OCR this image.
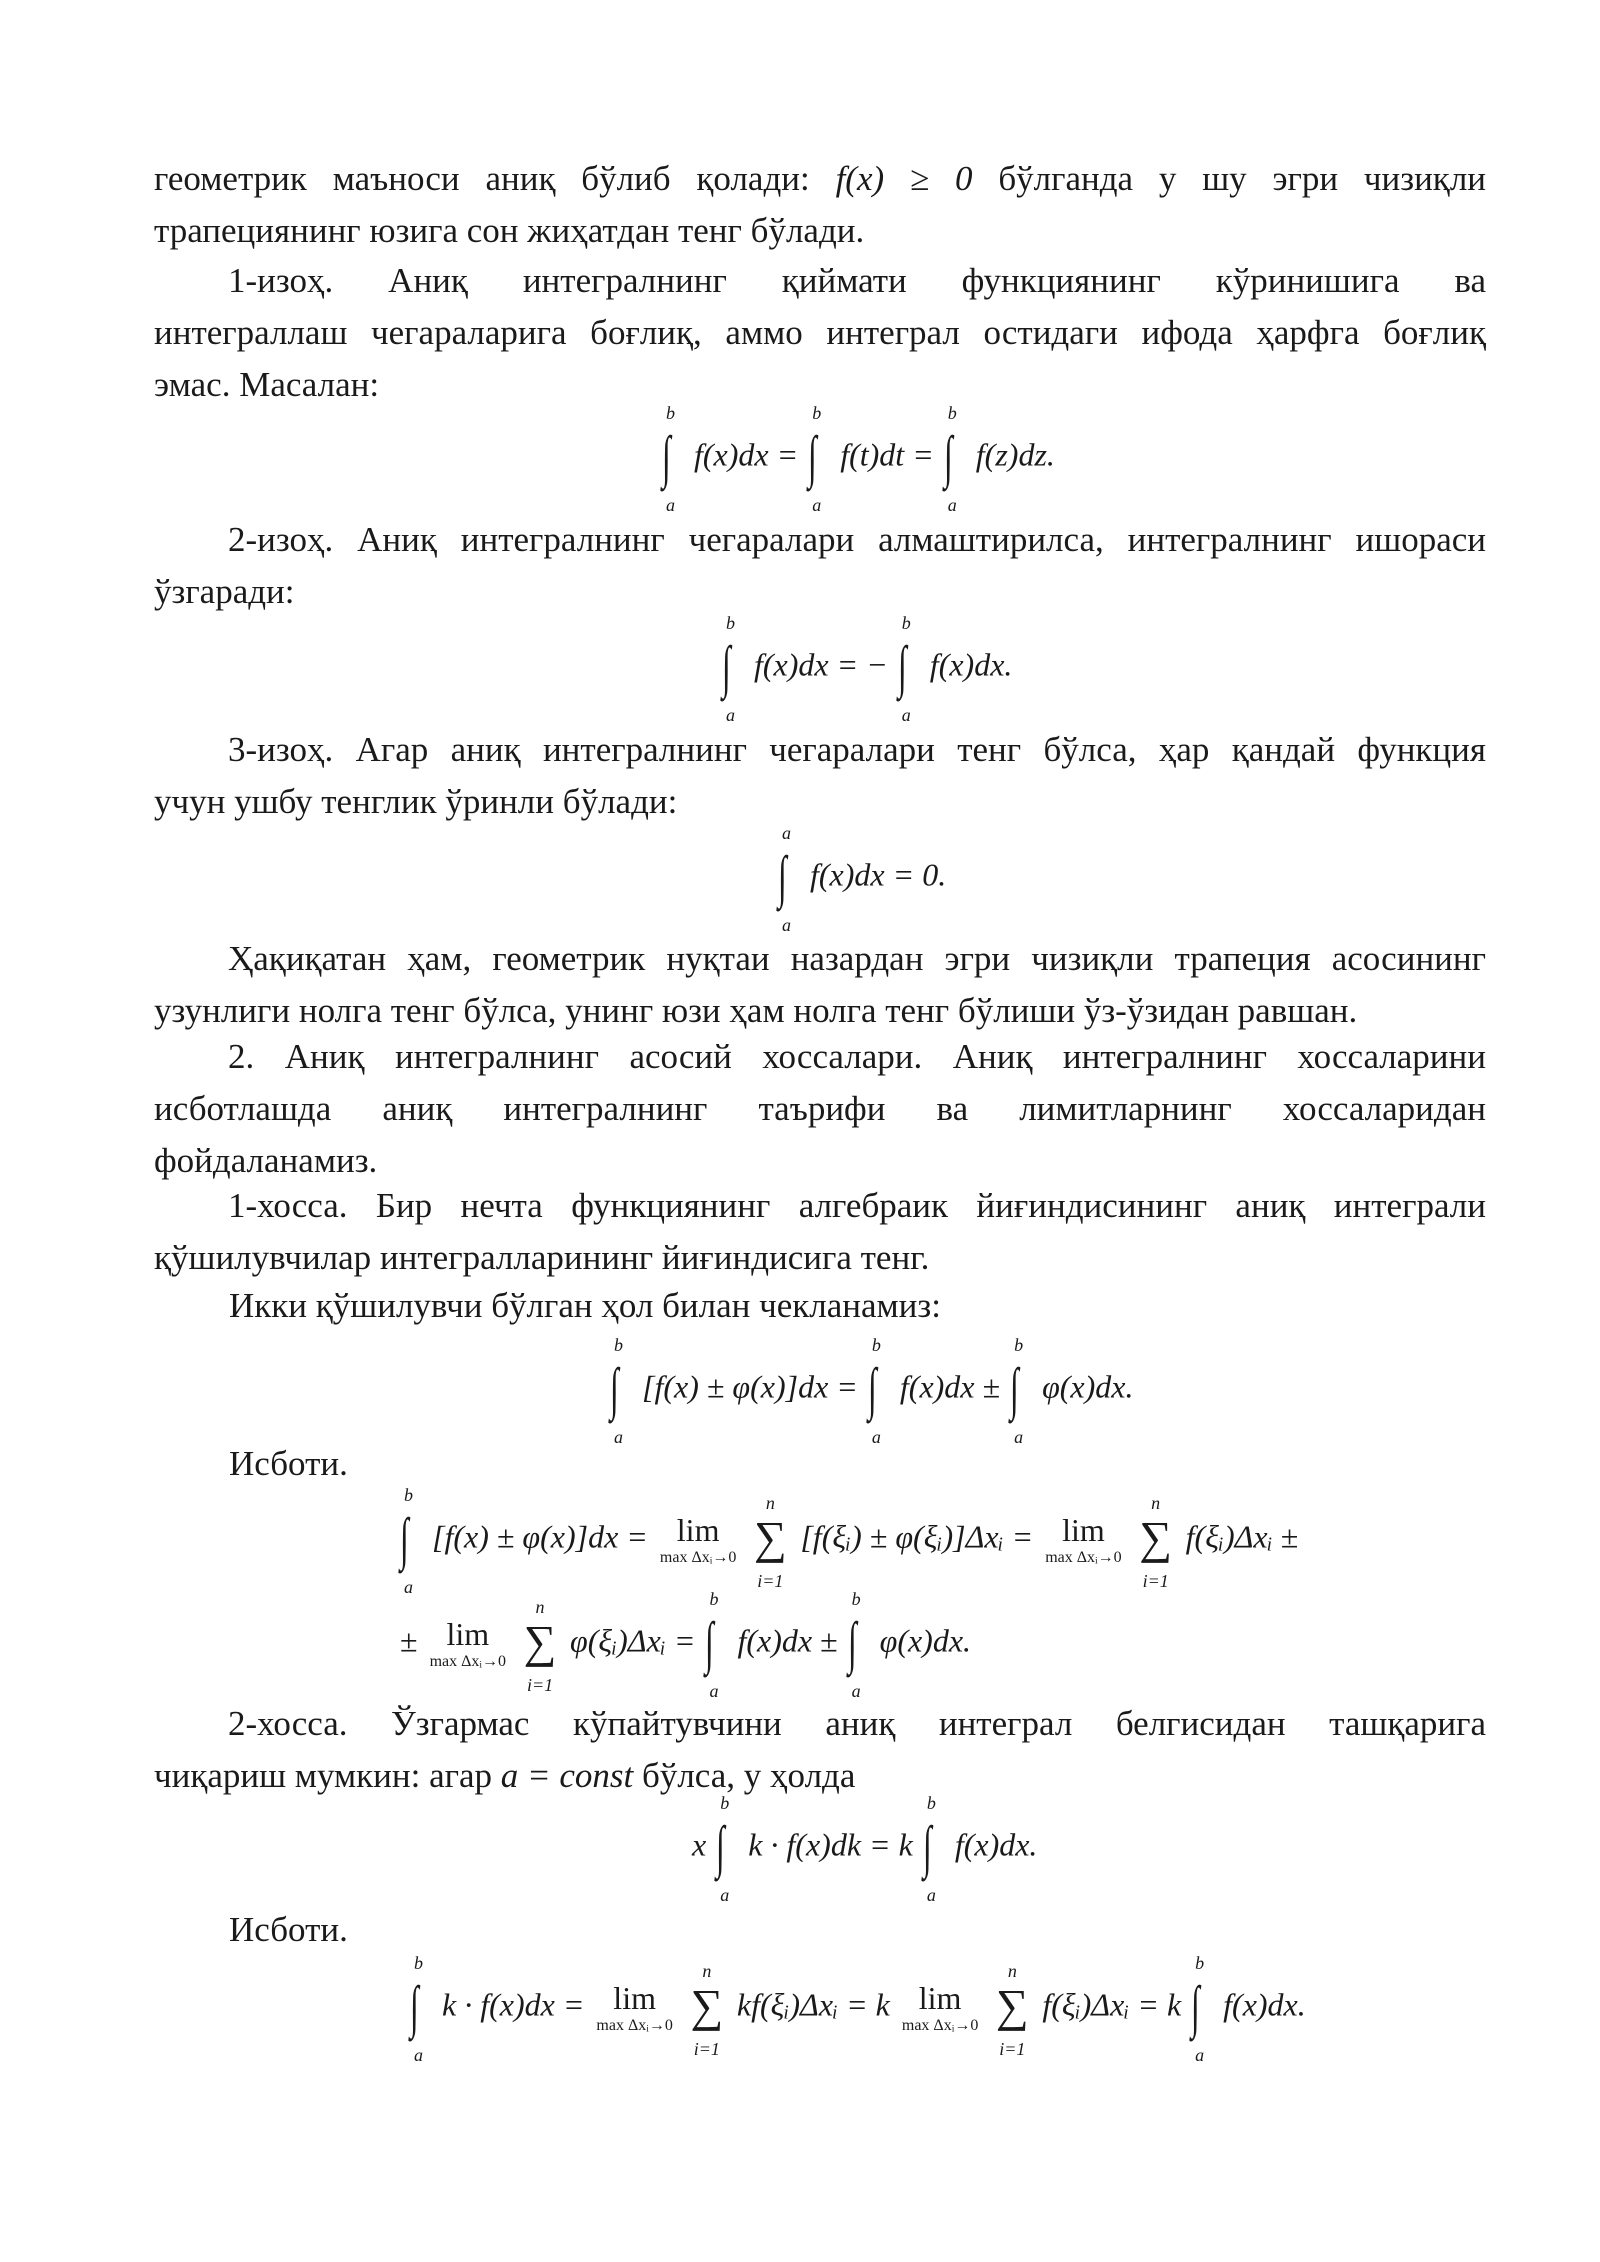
геометрик маъноси аниқ бўлиб қолади: f(x) ≥ 0 бўлганда у шу эгри чизиқли
трапециянинг юзига сон жиҳатдан тенг бўлади.
1-изоҳ. Аниқ интегралнинг қиймати функциянинг кўринишига ва
интеграллаш чегараларига боғлиқ, аммо интеграл остидаги ифода ҳарфга боғлиқ
эмас. Масалан:
∫
b
a
f(x)dx = ∫
b
a
f(t)dt = ∫
b
a
f(z)dz.
2-изоҳ. Аниқ интегралнинг чегаралари алмаштирилса, интегралнинг ишораси
ўзгаради:
∫
b
a
f(x)dx = − ∫
b
a
f(x)dx.
3-изоҳ. Агар аниқ интегралнинг чегаралари тенг бўлса, ҳар қандай функция
учун ушбу тенглик ўринли бўлади:
∫
a
a
f(x)dx = 0.
Ҳақиқатан ҳам, геометрик нуқтаи назардан эгри чизиқли трапеция асосининг
узунлиги нолга тенг бўлса, унинг юзи ҳам нолга тенг бўлиши ўз-ўзидан равшан.
2. Аниқ интегралнинг асосий хоссалари. Аниқ интегралнинг хоссаларини
исботлашда аниқ интегралнинг таърифи ва лимитларнинг хоссаларидан
фойдаланамиз.
1-хосса. Бир нечта функциянинг алгебраик йиғиндисининг аниқ интеграли
қўшилувчилар интегралларининг йиғиндисига тенг.
Икки қўшилувчи бўлган ҳол билан чекланамиз:
∫
b
a
[f(x) ± φ(x)]dx = ∫
b
a
f(x)dx ± ∫
b
a
φ(x)dx.
Исботи.
∫
b
a
[f(x) ± φ(x)]dx = lim
max Δxᵢ→0
∑
n
i=1
[f(ξᵢ) ± φ(ξᵢ)]Δxᵢ = lim
max Δxᵢ→0
∑
n
i=1
f(ξᵢ)Δxᵢ ±
± lim
max Δxᵢ→0
∑
n
i=1
φ(ξᵢ)Δxᵢ = ∫
b
a
f(x)dx ± ∫
b
a
φ(x)dx.
2-хосса. Ўзгармас кўпайтувчини аниқ интеграл белгисидан ташқарига
чиқариш мумкин: агар a = const бўлса, у ҳолда
x ∫
b
a
k · f(x)dk = k ∫
b
a
f(x)dx.
Исботи.
∫
b
a
k · f(x)dx = lim
max Δxᵢ→0
∑
n
i=1
kf(ξᵢ)Δxᵢ = k lim
max Δxᵢ→0
∑
n
i=1
f(ξᵢ)Δxᵢ = k ∫
b
a
f(x)dx.
